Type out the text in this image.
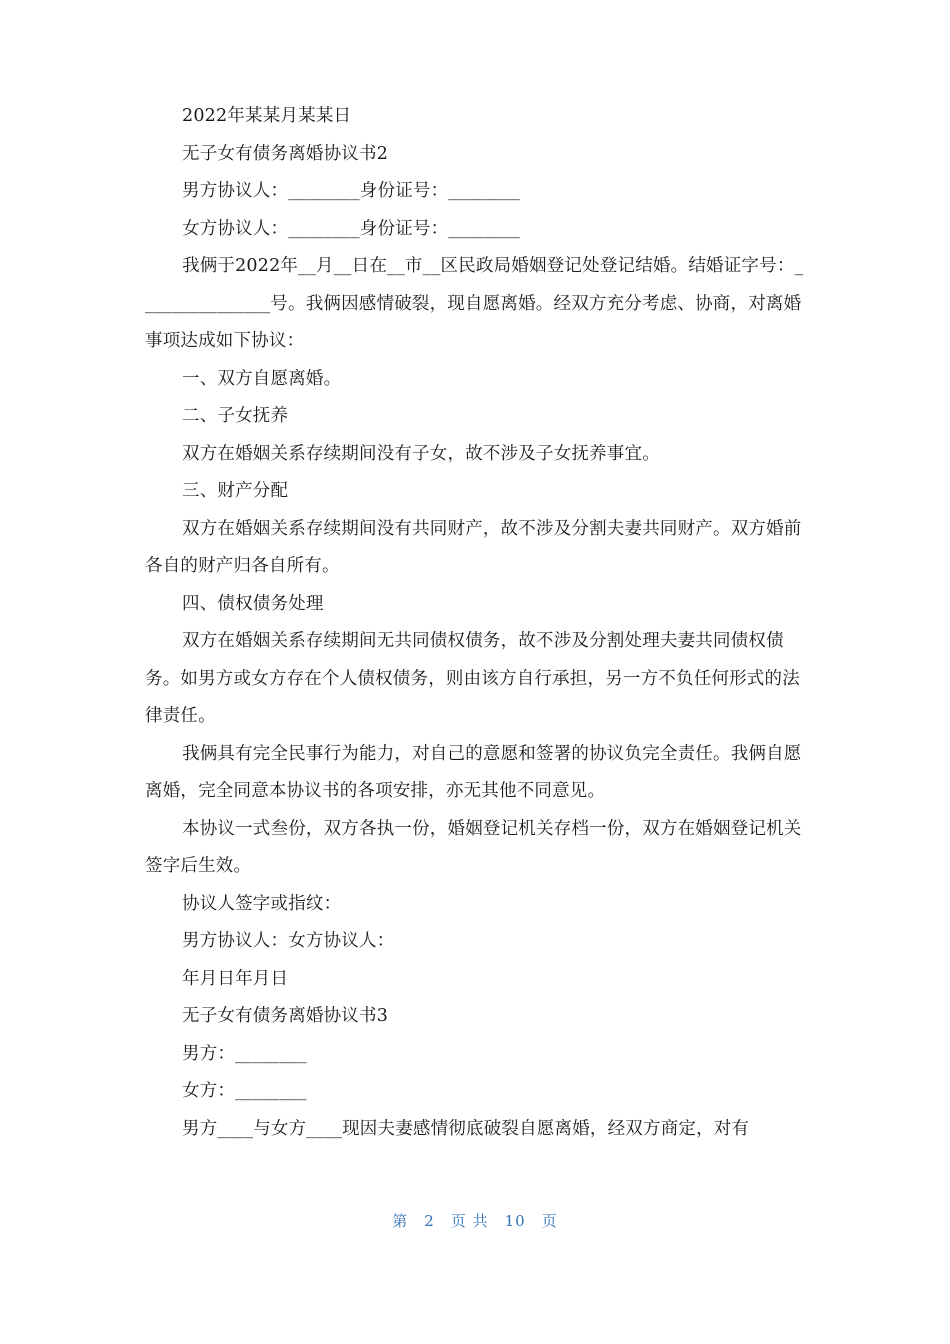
2022年某某月某某日

无子女有债务离婚协议书2

男方协议人：________身份证号：________

女方协议人：________身份证号：________

我俩于2022年__月__日在__市__区民政局婚姻登记处登记结婚。结婚证字号：_______________号。我俩因感情破裂，现自愿离婚。经双方充分考虑、协商，对离婚事项达成如下协议：

一、双方自愿离婚。

二、子女抚养

双方在婚姻关系存续期间没有子女，故不涉及子女抚养事宜。

三、财产分配

双方在婚姻关系存续期间没有共同财产，故不涉及分割夫妻共同财产。双方婚前各自的财产归各自所有。

四、债权债务处理

双方在婚姻关系存续期间无共同债权债务，故不涉及分割处理夫妻共同债权债务。如男方或女方存在个人债权债务，则由该方自行承担，另一方不负任何形式的法律责任。

我俩具有完全民事行为能力，对自己的意愿和签署的协议负完全责任。我俩自愿离婚，完全同意本协议书的各项安排，亦无其他不同意见。

本协议一式叁份，双方各执一份，婚姻登记机关存档一份，双方在婚姻登记机关签字后生效。

协议人签字或指纹：

男方协议人：女方协议人：

年月日年月日

无子女有债务离婚协议书3

男方：________

女方：________

男方____与女方____现因夫妻感情彻底破裂自愿离婚，经双方商定，对有

第 2 页 共 10 页
